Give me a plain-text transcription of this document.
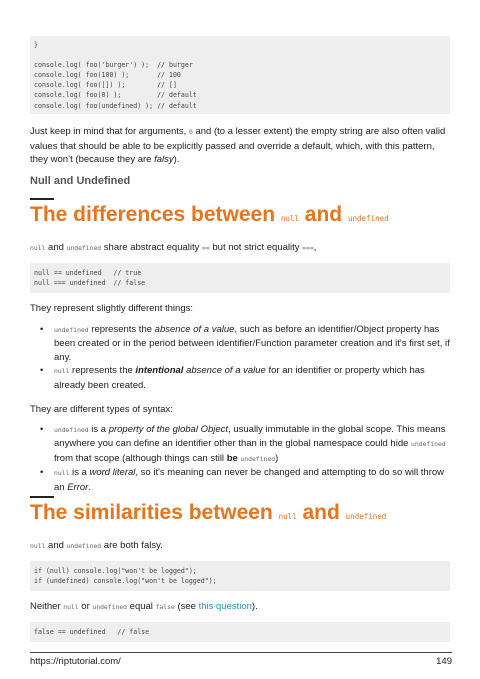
}

console.log( foo('burger') );  // burger
console.log( foo(100) );       // 100
console.log( foo([]) );        // []
console.log( foo(0) );         // default
console.log( foo(undefined) ); // default

Just keep in mind that for arguments, 0 and (to a lesser extent) the empty string are also often valid values that should be able to be explicitly passed and override a default, which, with this pattern, they won’t (because they are falsy).

Null and Undefined
The differences between null and undefined

null and undefined share abstract equality == but not strict equality ===,

null == undefined   // true
null === undefined  // false

They represent slightly different things:

• undefined represents the absence of a value, such as before an identifier/Object property has been created or in the period between identifier/Function parameter creation and it's first set, if any.
• null represents the intentional absence of a value for an identifier or property which has already been created.

They are different types of syntax:

• undefined is a property of the global Object, usually immutable in the global scope. This means anywhere you can define an identifier other than in the global namespace could hide undefined from that scope (although things can still be undefined)
• null is a word literal, so it's meaning can never be changed and attempting to do so will throw an Error.
The similarities between null and undefined

null and undefined are both falsy.

if (null) console.log("won't be logged");
if (undefined) console.log("won't be logged");

Neither null or undefined equal false (see this question).

false == undefined   // false
https://riptutorial.com/	149
